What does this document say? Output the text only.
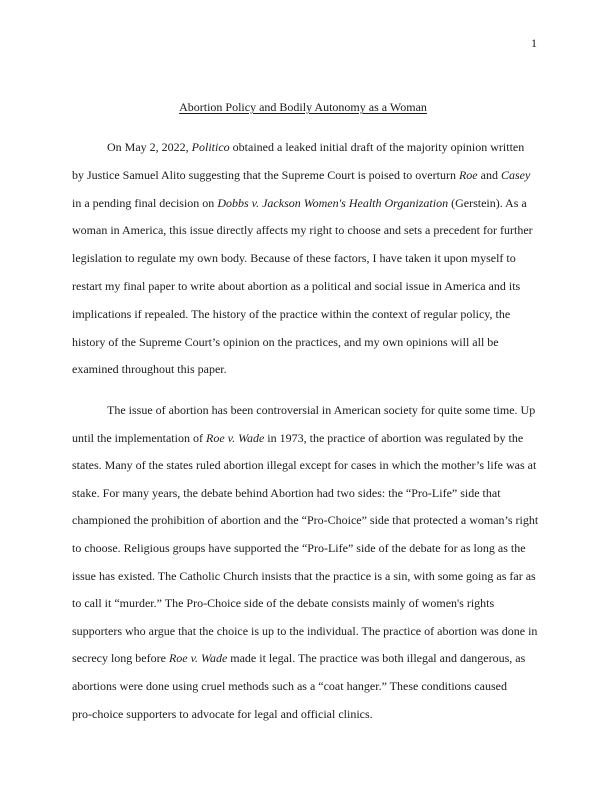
1
Abortion Policy and Bodily Autonomy as a Woman
On May 2, 2022, Politico obtained a leaked initial draft of the majority opinion written
by Justice Samuel Alito suggesting that the Supreme Court is poised to overturn Roe and Casey
in a pending final decision on Dobbs v. Jackson Women's Health Organization (Gerstein). As a
woman in America, this issue directly affects my right to choose and sets a precedent for further
legislation to regulate my own body. Because of these factors, I have taken it upon myself to
restart my final paper to write about abortion as a political and social issue in America and its
implications if repealed. The history of the practice within the context of regular policy, the
history of the Supreme Court’s opinion on the practices, and my own opinions will all be
examined throughout this paper.
The issue of abortion has been controversial in American society for quite some time. Up
until the implementation of Roe v. Wade in 1973, the practice of abortion was regulated by the
states. Many of the states ruled abortion illegal except for cases in which the mother’s life was at
stake. For many years, the debate behind Abortion had two sides: the “Pro-Life” side that
championed the prohibition of abortion and the “Pro-Choice” side that protected a woman’s right
to choose. Religious groups have supported the “Pro-Life” side of the debate for as long as the
issue has existed. The Catholic Church insists that the practice is a sin, with some going as far as
to call it “murder.” The Pro-Choice side of the debate consists mainly of women's rights
supporters who argue that the choice is up to the individual. The practice of abortion was done in
secrecy long before Roe v. Wade made it legal. The practice was both illegal and dangerous, as
abortions were done using cruel methods such as a “coat hanger.” These conditions caused
pro-choice supporters to advocate for legal and official clinics.
